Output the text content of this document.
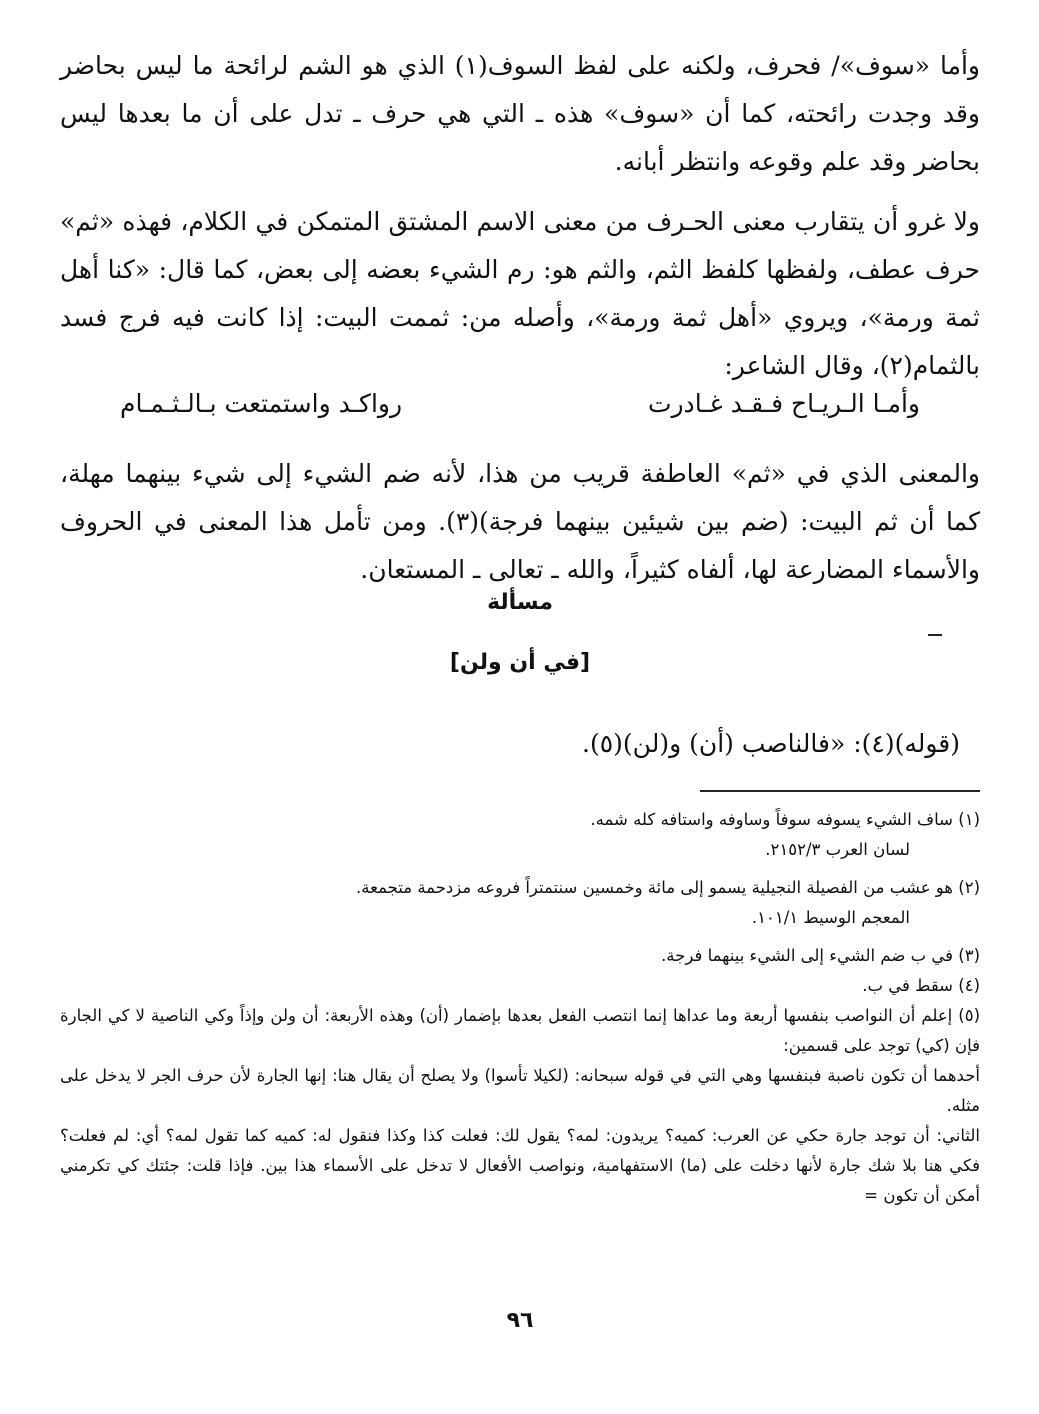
وأما «سوف»/ فحرف، ولكنه على لفظ السوف(١) الذي هو الشم لرائحة ما ليس بحاضر وقد وجدت رائحته، كما أن «سوف» هذه ـ التي هي حرف ـ تدل على أن ما بعدها ليس بحاضر وقد علم وقوعه وانتظر أبانه.

ولا غرو أن يتقارب معنى الحـرف من معنى الاسم المشتق المتمكن في الكلام، فهذه «ثم» حرف عطف، ولفظها كلفظ الثم، والثم هو: رم الشيء بعضه إلى بعض، كما قال: «كنا أهل ثمة ورمة»، ويروي «أهل ثمة ورمة»، وأصله من: ثممت البيت: إذا كانت فيه فرج فسد بالثمام(٢)، وقال الشاعر:

وأمـا الـريـاح فـقـد غـادرت
رواكـد واستمتعت بـالـثـمـام

والمعنى الذي في «ثم» العاطفة قريب من هذا، لأنه ضم الشيء إلى شيء بينهما مهلة، كما أن ثم البيت: (ضم بين شيئين بينهما فرجة)(٣). ومن تأمل هذا المعنى في الحروف والأسماء المضارعة لها، ألفاه كثيراً، والله ـ تعالى ـ المستعان.

مسألة
[في أن ولن]
(قوله)(٤): «فالناصب (أن) و(لن)(٥).

(١) ساف الشيء يسوفه سوفاً وساوفه واستافه كله شمه.

لسان العرب ٢١٥٢/٣.

(٢) هو عشب من الفصيلة النجيلية يسمو إلى مائة وخمسين سنتمتراً فروعه مزدحمة متجمعة.

المعجم الوسيط ١٠١/١.

(٣) في ب ضم الشيء إلى الشيء بينهما فرجة.

(٤) سقط في ب.

(٥) إعلم أن النواصب بنفسها أربعة وما عداها إنما انتصب الفعل بعدها بإضمار (أن) وهذه الأربعة: أن ولن وإذاً وكي الناصية لا كي الجارة فإن (كي) توجد على قسمين:

أحدهما أن تكون ناصبة فبنفسها وهي التي في قوله سبحانه: (لكيلا تأسوا) ولا يصلح أن يقال هنا: إنها الجارة لأن حرف الجر لا يدخل على مثله.

الثاني: أن توجد جارة حكي عن العرب: كميه؟ يريدون: لمه؟ يقول لك: فعلت كذا وكذا فنقول له: كميه كما تقول لمه؟ أي: لم فعلت؟ فكي هنا بلا شك جارة لأنها دخلت على (ما) الاستفهامية، ونواصب الأفعال لا تدخل على الأسماء هذا بين. فإذا قلت: جئتك كي تكرمني أمكن أن تكون =

٩٦
